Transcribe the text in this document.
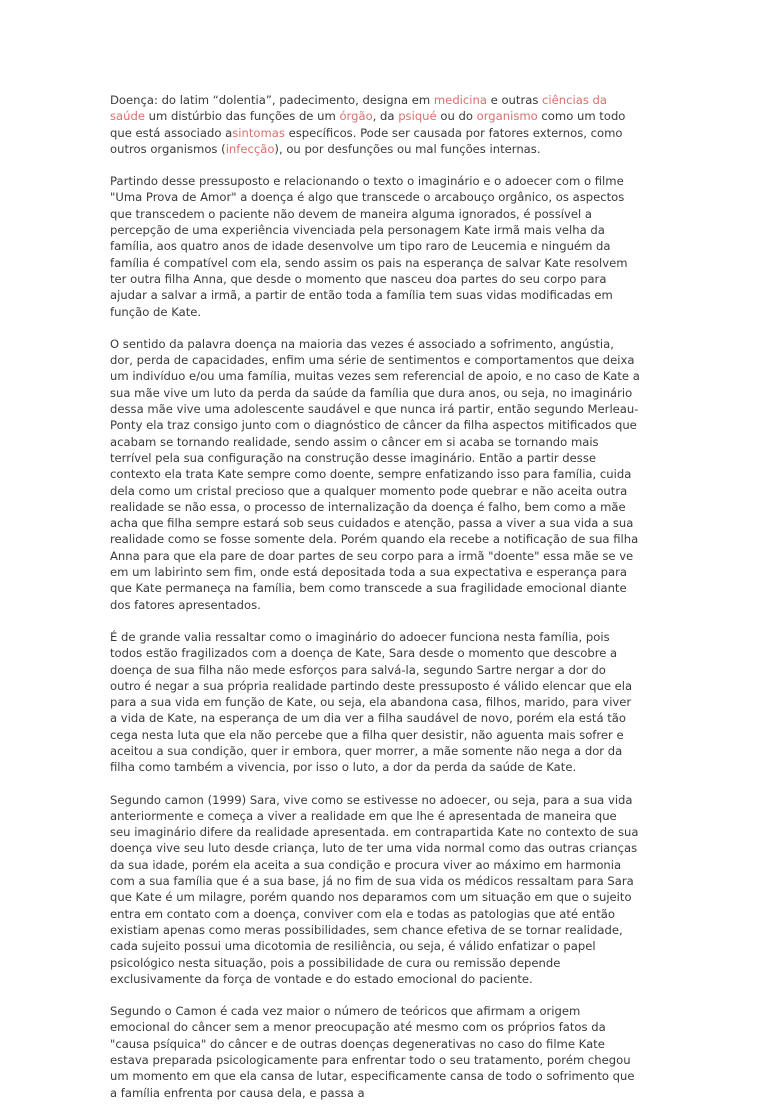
Doença: do latim “dolentia”, padecimento, designa em medicina e outras ciências da saúde um distúrbio das funções de um órgão, da psiqué ou do organismo como um todo que está associado asintomas específicos. Pode ser causada por fatores externos, como outros organismos (infecção), ou por desfunções ou mal funções internas.

Partindo desse pressuposto e relacionando o texto o imaginário e o adoecer com o filme "Uma Prova de Amor" a doença é algo que transcede o arcabouço orgânico, os aspectos que transcedem o paciente não devem de maneira alguma ignorados, é possível a percepção de uma experiência vivenciada pela personagem Kate irmã mais velha da família, aos quatro anos de idade desenvolve um tipo raro de Leucemia e ninguém da família é compatível com ela, sendo assim os pais na esperança de salvar Kate resolvem ter outra filha Anna, que desde o momento que nasceu doa partes do seu corpo para ajudar a salvar a irmã, a partir de então toda a família tem suas vidas modificadas em função de Kate.

O sentido da palavra doença na maioria das vezes é associado a sofrimento, angústia, dor, perda de capacidades, enfim uma série de sentimentos e comportamentos que deixa um indivíduo e/ou uma família, muitas vezes sem referencial de apoio, e no caso de Kate a sua mãe vive um luto da perda da saúde da família que dura anos, ou seja, no imaginário dessa mãe vive uma adolescente saudável e que nunca irá partir, então segundo Merleau-Ponty ela traz consigo junto com o diagnóstico de câncer da filha aspectos mitificados que acabam se tornando realidade, sendo assim o câncer em si acaba se tornando mais terrível pela sua configuração na construção desse imaginário. Então a partir desse contexto ela trata Kate sempre como doente, sempre enfatizando isso para família, cuida dela como um cristal precioso que a qualquer momento pode quebrar e não aceita outra realidade se não essa, o processo de internalização da doença é falho, bem como a mãe acha que filha sempre estará sob seus cuidados e atenção, passa a viver a sua vida a sua realidade como se fosse somente dela. Porém quando ela recebe a notificação de sua filha Anna para que ela pare de doar partes de seu corpo para a irmã "doente" essa mãe se ve em um labirinto sem fim, onde está depositada toda a sua expectativa e esperança para que Kate permaneça na família, bem como transcede a sua fragilidade emocional diante dos fatores apresentados.

É de grande valia ressaltar como o imaginário do adoecer funciona nesta família, pois todos estão fragilizados com a doença de Kate, Sara desde o momento que descobre a doença de sua filha não mede esforços para salvá-la, segundo Sartre nergar a dor do outro é negar a sua própria realidade partindo deste pressuposto é válido elencar que ela para a sua vida em função de Kate, ou seja, ela abandona casa, filhos, marido, para viver a vida de Kate, na esperança de um dia ver a filha saudável de novo, porém ela está tão cega nesta luta que ela não percebe que a filha quer desistir, não aguenta mais sofrer e aceitou a sua condição, quer ir embora, quer morrer, a mãe somente não nega a dor da filha como também a vivencia, por isso o luto, a dor da perda da saúde de Kate.

Segundo camon (1999) Sara, vive como se estivesse no adoecer, ou seja, para a sua vida anteriormente e começa a viver a realidade em que lhe é apresentada de maneira que seu imaginário difere da realidade apresentada. em contrapartida Kate no contexto de sua doença vive seu luto desde criança, luto de ter uma vida normal como das outras crianças da sua idade, porém ela aceita a sua condição e procura viver ao máximo em harmonia com a sua família que é a sua base, já no fim de sua vida os médicos ressaltam para Sara que Kate é um milagre, porém quando nos deparamos com um situação em que o sujeito entra em contato com a doença, conviver com ela e todas as patologias que até então existiam apenas como meras possibilidades, sem chance efetiva de se tornar realidade, cada sujeito possui uma dicotomia de resiliência, ou seja, é válido enfatizar o papel psicológico nesta situação, pois a possibilidade de cura ou remissão depende exclusivamente da força de vontade e do estado emocional do paciente.

Segundo o Camon é cada vez maior o número de teóricos que afirmam a origem emocional do câncer sem a menor preocupação até mesmo com os próprios fatos da "causa psíquica" do câncer e de outras doenças degenerativas no caso do filme Kate estava preparada psicologicamente para enfrentar todo o seu tratamento, porém chegou um momento em que ela cansa de lutar, especificamente cansa de todo o sofrimento que a família enfrenta por causa dela, e passa a
